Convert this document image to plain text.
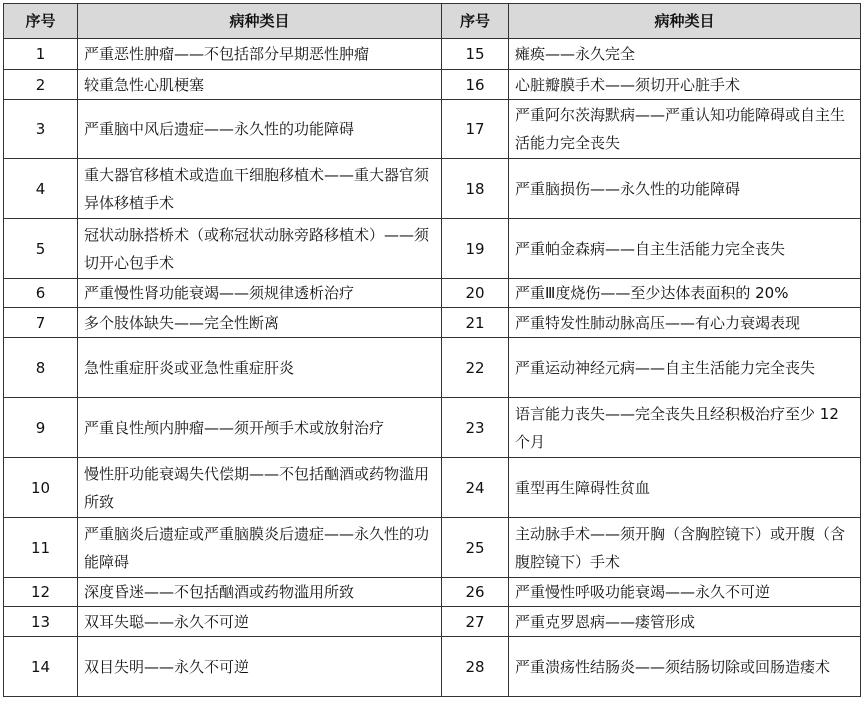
序号	病种类目	序号	病种类目
1	严重恶性肿瘤——不包括部分早期恶性肿瘤	15	瘫痪——永久完全
2	较重急性心肌梗塞	16	心脏瓣膜手术——须切开心脏手术
3	严重脑中风后遗症——永久性的功能障碍	17	严重阿尔茨海默病——严重认知功能障碍或自主生活能力完全丧失
4	重大器官移植术或造血干细胞移植术——重大器官须异体移植手术	18	严重脑损伤——永久性的功能障碍
5	冠状动脉搭桥术（或称冠状动脉旁路移植术）——须切开心包手术	19	严重帕金森病——自主生活能力完全丧失
6	严重慢性肾功能衰竭——须规律透析治疗	20	严重Ⅲ度烧伤——至少达体表面积的 20%
7	多个肢体缺失——完全性断离	21	严重特发性肺动脉高压——有心力衰竭表现
8	急性重症肝炎或亚急性重症肝炎	22	严重运动神经元病——自主生活能力完全丧失
9	严重良性颅内肿瘤——须开颅手术或放射治疗	23	语言能力丧失——完全丧失且经积极治疗至少 12 个月
10	慢性肝功能衰竭失代偿期——不包括酗酒或药物滥用所致	24	重型再生障碍性贫血
11	严重脑炎后遗症或严重脑膜炎后遗症——永久性的功能障碍	25	主动脉手术——须开胸（含胸腔镜下）或开腹（含腹腔镜下）手术
12	深度昏迷——不包括酗酒或药物滥用所致	26	严重慢性呼吸功能衰竭——永久不可逆
13	双耳失聪——永久不可逆	27	严重克罗恩病——瘘管形成
14	双目失明——永久不可逆	28	严重溃疡性结肠炎——须结肠切除或回肠造瘘术
